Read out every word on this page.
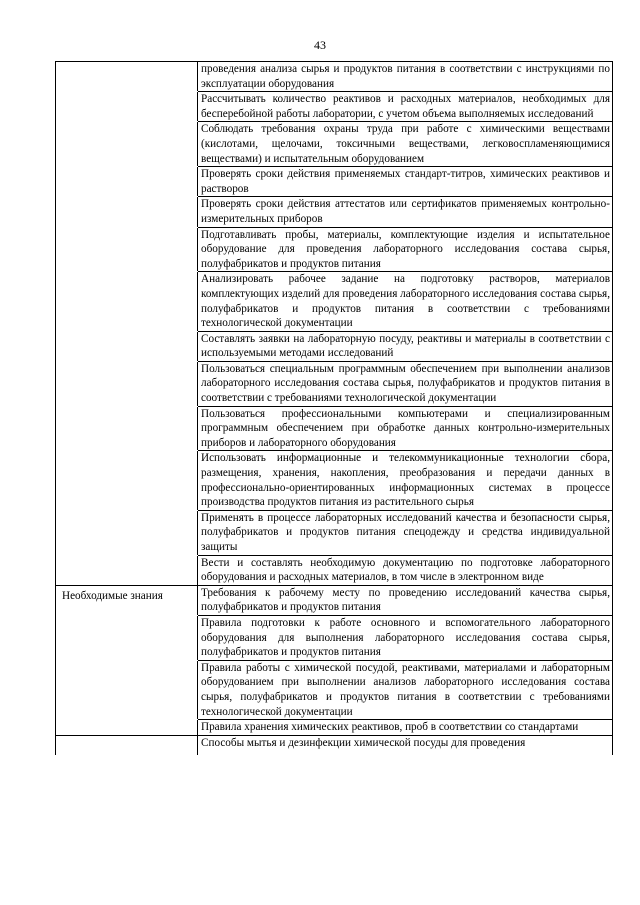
43
проведения анализа сырья и продуктов питания в соответствии с инструкциями по эксплуатации оборудования
Рассчитывать количество реактивов и расходных материалов, необходимых для бесперебойной работы лаборатории, с учетом объема выполняемых исследований
Соблюдать требования охраны труда при работе с химическими веществами (кислотами, щелочами, токсичными веществами, легковоспламеняющимися веществами) и испытательным оборудованием
Проверять сроки действия применяемых стандарт-титров, химических реактивов и растворов
Проверять сроки действия аттестатов или сертификатов применяемых контрольно-измерительных приборов
Подготавливать пробы, материалы, комплектующие изделия и испытательное оборудование для проведения лабораторного исследования состава сырья, полуфабрикатов и продуктов питания
Анализировать рабочее задание на подготовку растворов, материалов комплектующих изделий для проведения лабораторного исследования состава сырья, полуфабрикатов и продуктов питания в соответствии с требованиями технологической документации
Составлять заявки на лабораторную посуду, реактивы и материалы в соответствии с используемыми методами исследований
Пользоваться специальным программным обеспечением при выполнении анализов лабораторного исследования состава сырья, полуфабрикатов и продуктов питания в соответствии с требованиями технологической документации
Пользоваться профессиональными компьютерами и специализированным программным обеспечением при обработке данных контрольно-измерительных приборов и лабораторного оборудования
Использовать информационные и телекоммуникационные технологии сбора, размещения, хранения, накопления, преобразования и передачи данных в профессионально-ориентированных информационных системах в процессе производства продуктов питания из растительного сырья
Применять в процессе лабораторных исследований качества и безопасности сырья, полуфабрикатов и продуктов питания спецодежду и средства индивидуальной защиты
Вести и составлять необходимую документацию по подготовке лабораторного оборудования и расходных материалов, в том числе в электронном виде
Необходимые знания	Требования к рабочему месту по проведению исследований качества сырья, полуфабрикатов и продуктов питания
Правила подготовки к работе основного и вспомогательного лабораторного оборудования для выполнения лабораторного исследования состава сырья, полуфабрикатов и продуктов питания
Правила работы с химической посудой, реактивами, материалами и лабораторным оборудованием при выполнении анализов лабораторного исследования состава сырья, полуфабрикатов и продуктов питания в соответствии с требованиями технологической документации
Правила хранения химических реактивов, проб в соответствии со стандартами
Способы мытья и дезинфекции химической посуды для проведения
